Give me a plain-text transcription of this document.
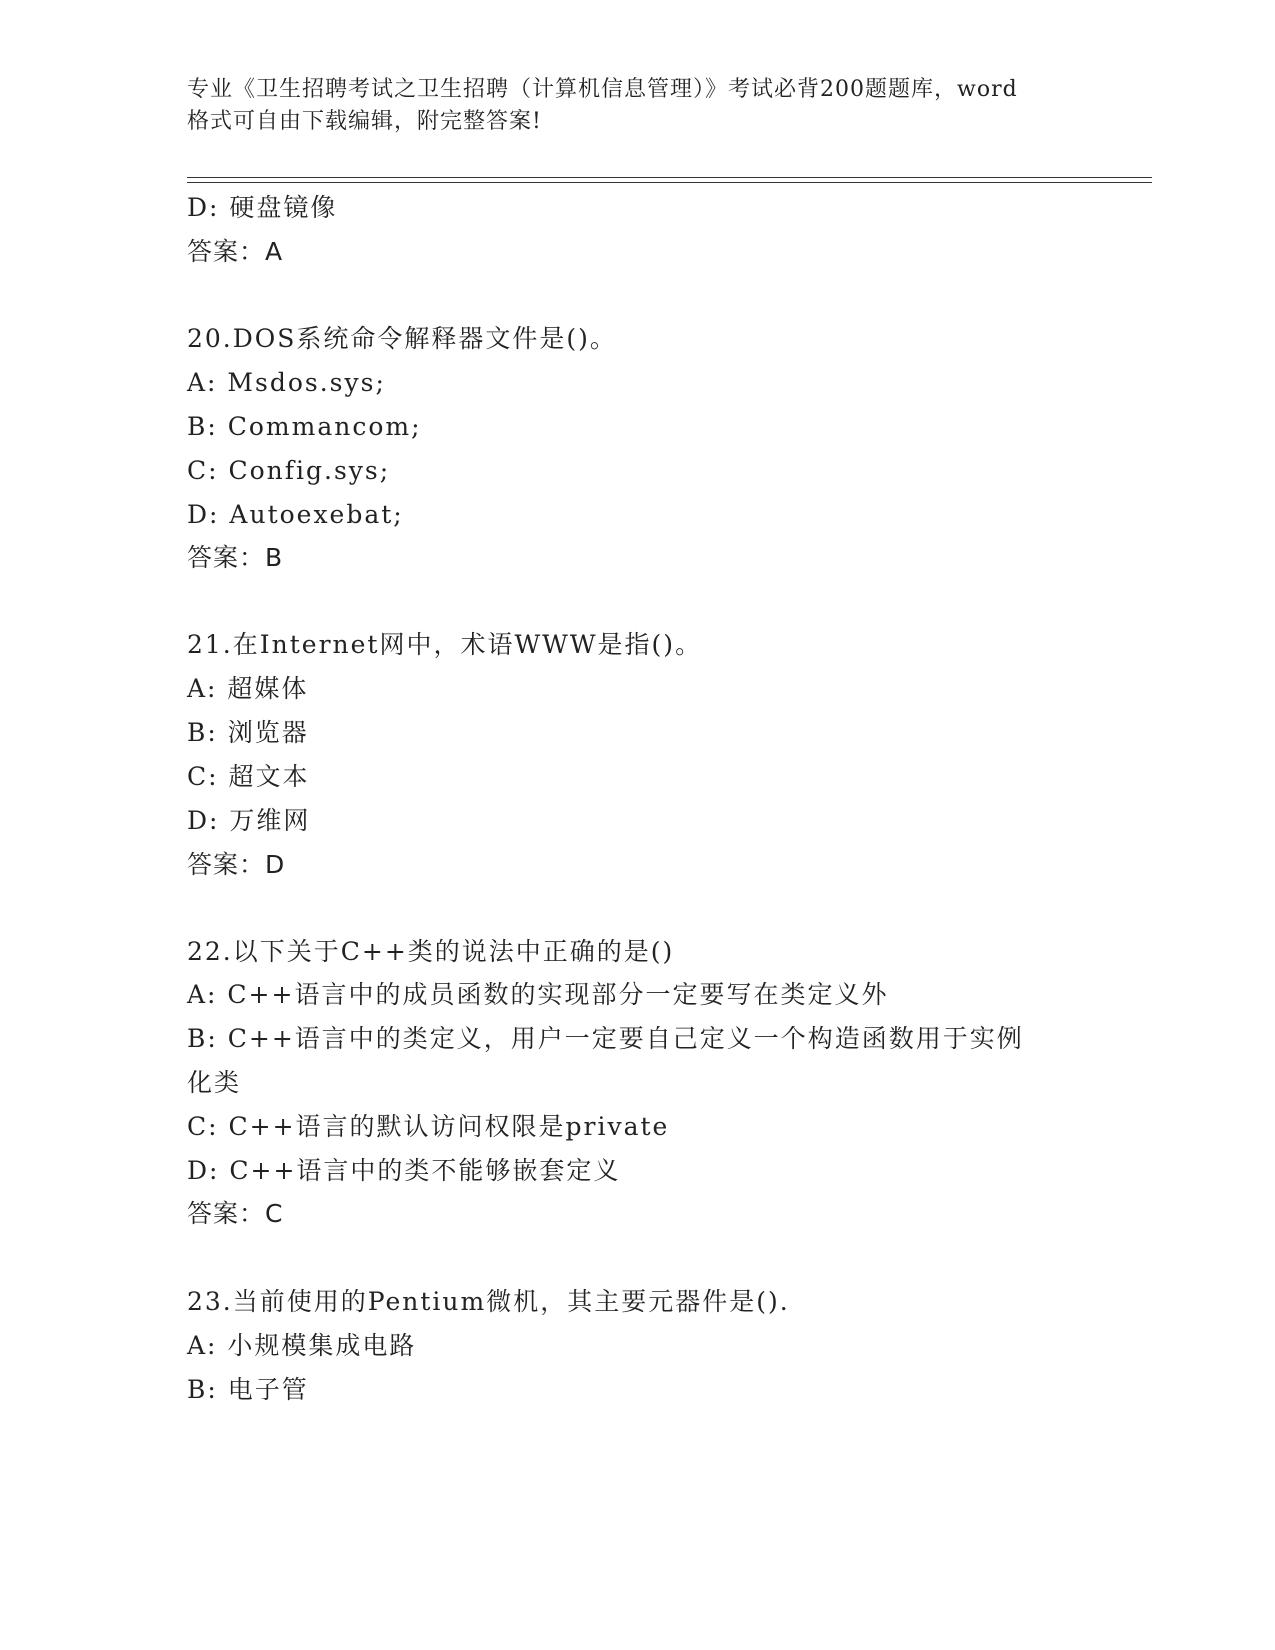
专业《卫生招聘考试之卫生招聘（计算机信息管理）》考试必背200题题库，word
格式可自由下载编辑，附完整答案!
D: 硬盘镜像
答案：A
20.DOS系统命令解释器文件是()。
A: Msdos.sys;
B: Commancom;
C: Config.sys;
D: Autoexebat;
答案：B
21.在Internet网中，术语WWW是指()。
A: 超媒体
B: 浏览器
C: 超文本
D: 万维网
答案：D
22.以下关于C++类的说法中正确的是()
A: C++语言中的成员函数的实现部分一定要写在类定义外
B: C++语言中的类定义，用户一定要自己定义一个构造函数用于实例
化类
C: C++语言的默认访问权限是private
D: C++语言中的类不能够嵌套定义
答案：C
23.当前使用的Pentium微机，其主要元器件是().
A: 小规模集成电路
B: 电子管
